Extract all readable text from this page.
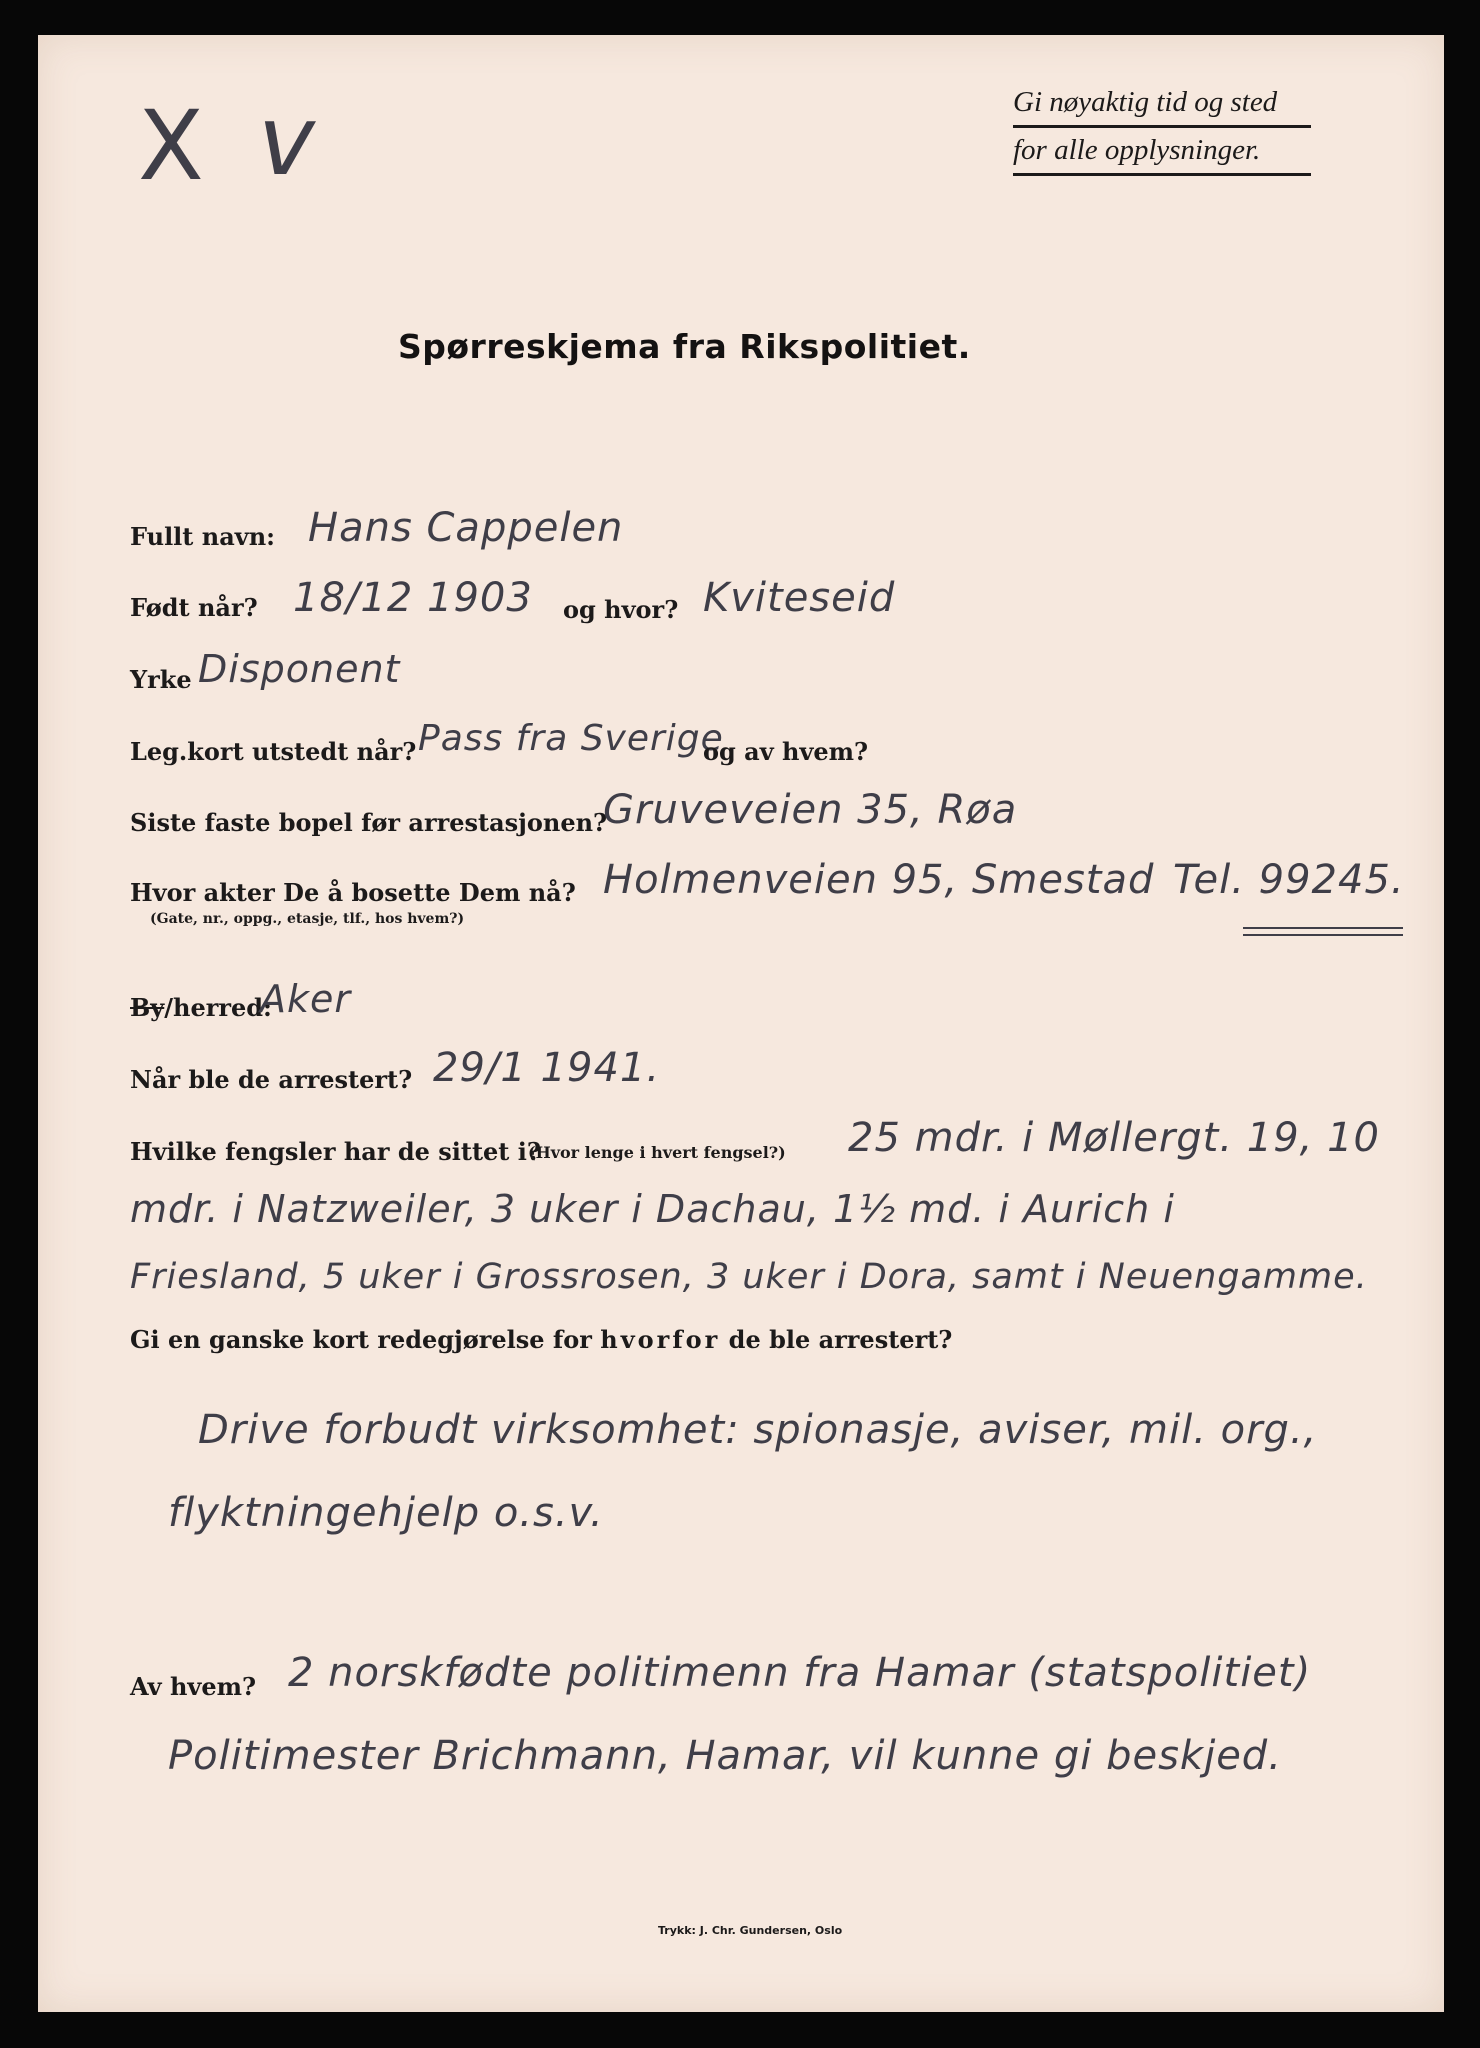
X v	Gi nøyaktig tid og sted
for alle opplysninger.
Spørreskjema fra Rikspolitiet.
Fullt navn: Hans Cappelen
Født når? 18/12 1903 og hvor? Kviteseid
Yrke Disponent
Leg.kort utstedt når? Pass fra Sverige
og av hvem?
Siste faste bopel før arrestasjonen?
Gruveveien 35, Røa
Hvor akter De å bosette Dem nå?
(Gate, nr., oppg., etasje, tlf., hos hvem?)
Holmenveien 95, Smestad Tel. 99245.
By/herred:
Aker
Når ble de arrestert? 29/1 1941.
Hvilke fengsler har de sittet i?
(Hvor lenge i hvert fengsel?) 25 mdr. i Møllergt. 19, 10
mdr. i Natzweiler, 3 uker i Dachau, 1½ md. i Aurich i
Friesland, 5 uker i Grossrosen, 3 uker i Dora, samt i Neuengamme.
Gi en ganske kort redegjørelse for hvorfor de ble arrestert?
Drive forbudt virksomhet: spionasje, aviser, mil. org.,
flyktningehjelp o.s.v.
Av hvem? 2 norskfødte politimenn fra Hamar (statspolitiet)
Politimester Brichmann, Hamar, vil kunne gi beskjed.
Trykk: J. Chr. Gundersen, Oslo
